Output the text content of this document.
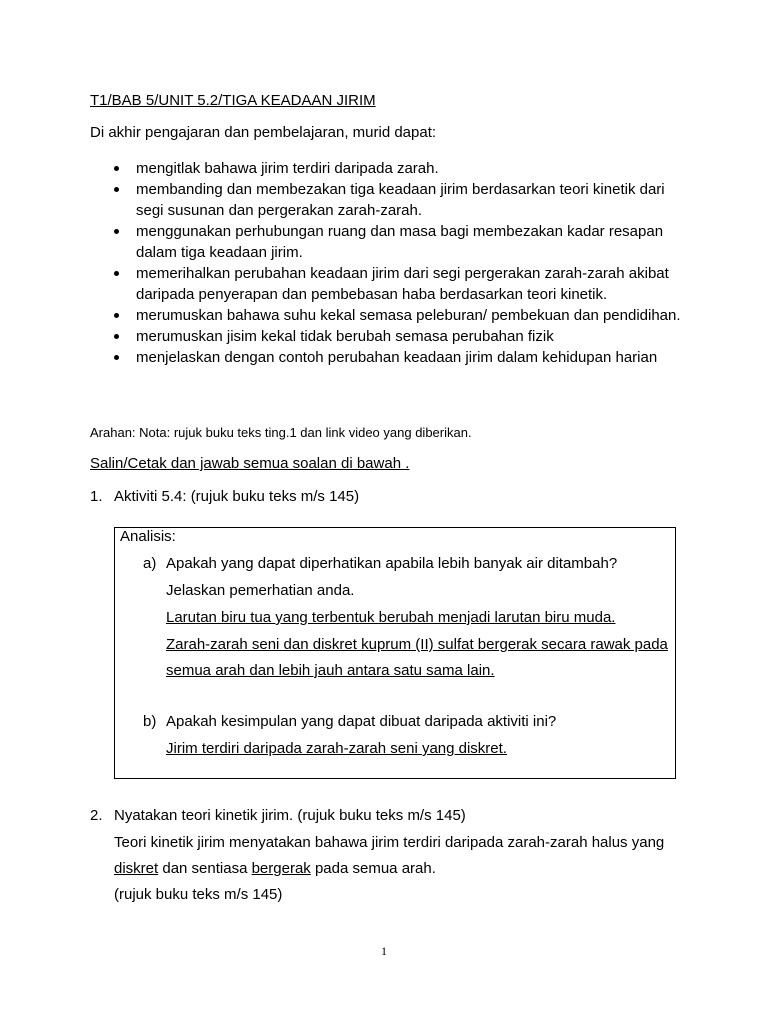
T1/BAB 5/UNIT 5.2/TIGA KEADAAN JIRIM
Di akhir pengajaran dan pembelajaran, murid dapat:
mengitlak bahawa jirim terdiri daripada zarah.
membanding dan membezakan tiga keadaan jirim berdasarkan teori kinetik dari segi susunan dan pergerakan zarah-zarah.
menggunakan perhubungan ruang dan masa bagi membezakan kadar resapan dalam tiga keadaan jirim.
memerihalkan perubahan keadaan jirim dari segi pergerakan zarah-zarah akibat daripada penyerapan dan pembebasan haba berdasarkan teori kinetik.
merumuskan bahawa suhu kekal semasa peleburan/ pembekuan dan pendidihan.
merumuskan jisim kekal tidak berubah semasa perubahan fizik
menjelaskan dengan contoh perubahan keadaan jirim dalam kehidupan harian
Arahan: Nota: rujuk buku teks ting.1 dan link video yang diberikan.
Salin/Cetak dan jawab semua soalan di bawah .
1. Aktiviti 5.4: (rujuk buku teks m/s 145)
Analisis:
a) Apakah yang dapat diperhatikan apabila lebih banyak air ditambah?
Jelaskan pemerhatian anda.
Larutan biru tua yang terbentuk berubah menjadi larutan biru muda.
Zarah-zarah seni dan diskret kuprum (II) sulfat bergerak secara rawak pada
semua arah dan lebih jauh antara satu sama lain.
b) Apakah kesimpulan yang dapat dibuat daripada aktiviti ini?
Jirim terdiri daripada zarah-zarah seni yang diskret.
2. Nyatakan teori kinetik jirim. (rujuk buku teks m/s 145)
Teori kinetik jirim menyatakan bahawa jirim terdiri daripada zarah-zarah halus yang
diskret dan sentiasa bergerak pada semua arah.
(rujuk buku teks m/s 145)
1
